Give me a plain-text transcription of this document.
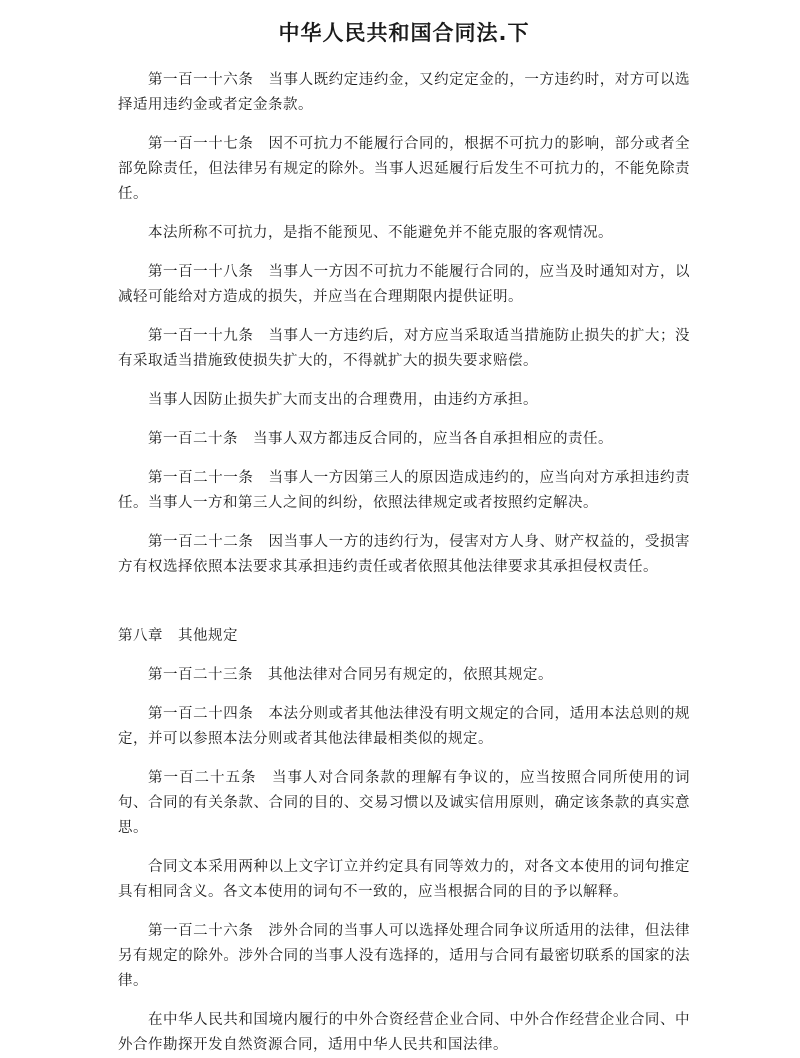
中华人民共和国合同法.下

第一百一十六条　当事人既约定违约金，又约定定金的，一方违约时，对方可以选择适用违约金或者定金条款。

第一百一十七条　因不可抗力不能履行合同的，根据不可抗力的影响，部分或者全部免除责任，但法律另有规定的除外。当事人迟延履行后发生不可抗力的，不能免除责任。

本法所称不可抗力，是指不能预见、不能避免并不能克服的客观情况。

第一百一十八条　当事人一方因不可抗力不能履行合同的，应当及时通知对方，以减轻可能给对方造成的损失，并应当在合理期限内提供证明。

第一百一十九条　当事人一方违约后，对方应当采取适当措施防止损失的扩大；没有采取适当措施致使损失扩大的，不得就扩大的损失要求赔偿。

当事人因防止损失扩大而支出的合理费用，由违约方承担。

第一百二十条　当事人双方都违反合同的，应当各自承担相应的责任。

第一百二十一条　当事人一方因第三人的原因造成违约的，应当向对方承担违约责任。当事人一方和第三人之间的纠纷，依照法律规定或者按照约定解决。

第一百二十二条　因当事人一方的违约行为，侵害对方人身、财产权益的，受损害方有权选择依照本法要求其承担违约责任或者依照其他法律要求其承担侵权责任。

第八章　其他规定

第一百二十三条　其他法律对合同另有规定的，依照其规定。

第一百二十四条　本法分则或者其他法律没有明文规定的合同，适用本法总则的规定，并可以参照本法分则或者其他法律最相类似的规定。

第一百二十五条　当事人对合同条款的理解有争议的，应当按照合同所使用的词句、合同的有关条款、合同的目的、交易习惯以及诚实信用原则，确定该条款的真实意思。

合同文本采用两种以上文字订立并约定具有同等效力的，对各文本使用的词句推定具有相同含义。各文本使用的词句不一致的，应当根据合同的目的予以解释。

第一百二十六条　涉外合同的当事人可以选择处理合同争议所适用的法律，但法律另有规定的除外。涉外合同的当事人没有选择的，适用与合同有最密切联系的国家的法律。

在中华人民共和国境内履行的中外合资经营企业合同、中外合作经营企业合同、中外合作勘探开发自然资源合同，适用中华人民共和国法律。
